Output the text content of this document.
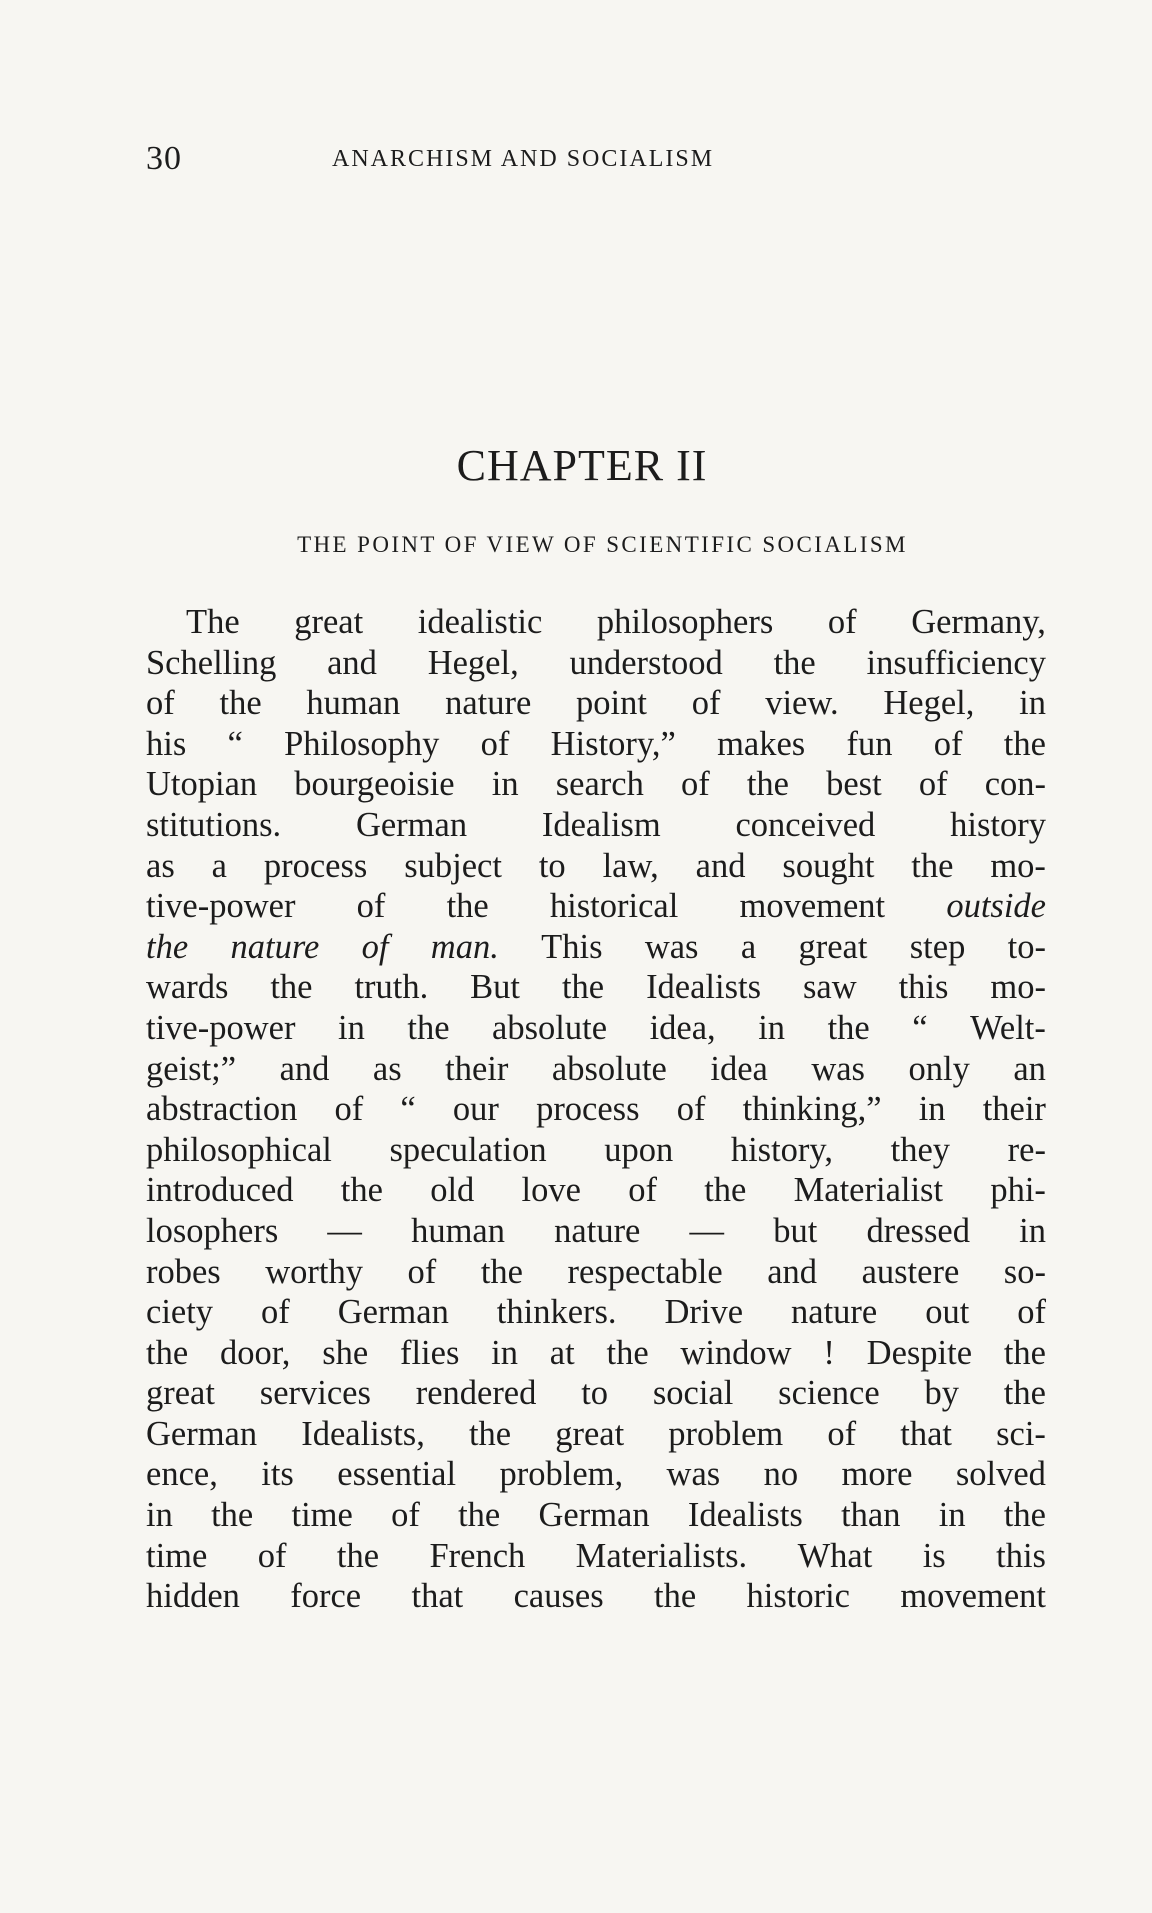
30	ANARCHISM AND SOCIALISM
CHAPTER II
THE POINT OF VIEW OF SCIENTIFIC SOCIALISM
The great idealistic philosophers of Germany,
Schelling and Hegel, understood the insufficiency
of the human nature point of view. Hegel, in
his “ Philosophy of History,” makes fun of the
Utopian bourgeoisie in search of the best of con-
stitutions. German Idealism conceived history
as a process subject to law, and sought the mo-
tive-power of the historical movement outside
the nature of man. This was a great step to-
wards the truth. But the Idealists saw this mo-
tive-power in the absolute idea, in the “ Welt-
geist;” and as their absolute idea was only an
abstraction of “ our process of thinking,” in their
philosophical speculation upon history, they re-
introduced the old love of the Materialist phi-
losophers — human nature — but dressed in
robes worthy of the respectable and austere so-
ciety of German thinkers. Drive nature out of
the door, she flies in at the window ! Despite the
great services rendered to social science by the
German Idealists, the great problem of that sci-
ence, its essential problem, was no more solved
in the time of the German Idealists than in the
time of the French Materialists. What is this
hidden force that causes the historic movement
